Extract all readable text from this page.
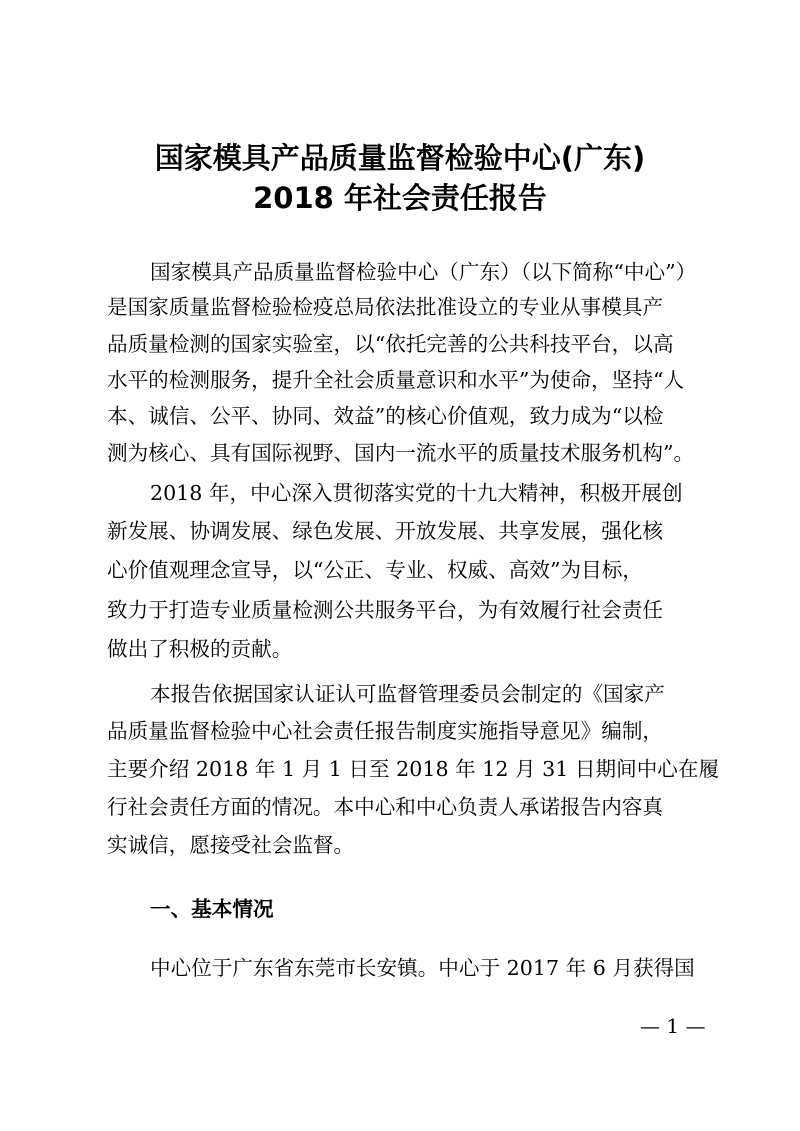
国家模具产品质量监督检验中心(广东)
2018 年社会责任报告
国家模具产品质量监督检验中心（广东）（以下简称“中心”）
是国家质量监督检验检疫总局依法批准设立的专业从事模具产
品质量检测的国家实验室，以“依托完善的公共科技平台，以高
水平的检测服务，提升全社会质量意识和水平”为使命，坚持“人
本、诚信、公平、协同、效益”的核心价值观，致力成为“以检
测为核心、具有国际视野、国内一流水平的质量技术服务机构”。
2018 年，中心深入贯彻落实党的十九大精神，积极开展创
新发展、协调发展、绿色发展、开放发展、共享发展，强化核
心价值观理念宣导，以“公正、专业、权威、高效”为目标，
致力于打造专业质量检测公共服务平台，为有效履行社会责任
做出了积极的贡献。
本报告依据国家认证认可监督管理委员会制定的《国家产
品质量监督检验中心社会责任报告制度实施指导意见》编制，
主要介绍 2018 年 1 月 1 日至 2018 年 12 月 31 日期间中心在履
行社会责任方面的情况。本中心和中心负责人承诺报告内容真
实诚信，愿接受社会监督。
一、基本情况
中心位于广东省东莞市长安镇。中心于 2017 年 6 月获得国
— 1 —
